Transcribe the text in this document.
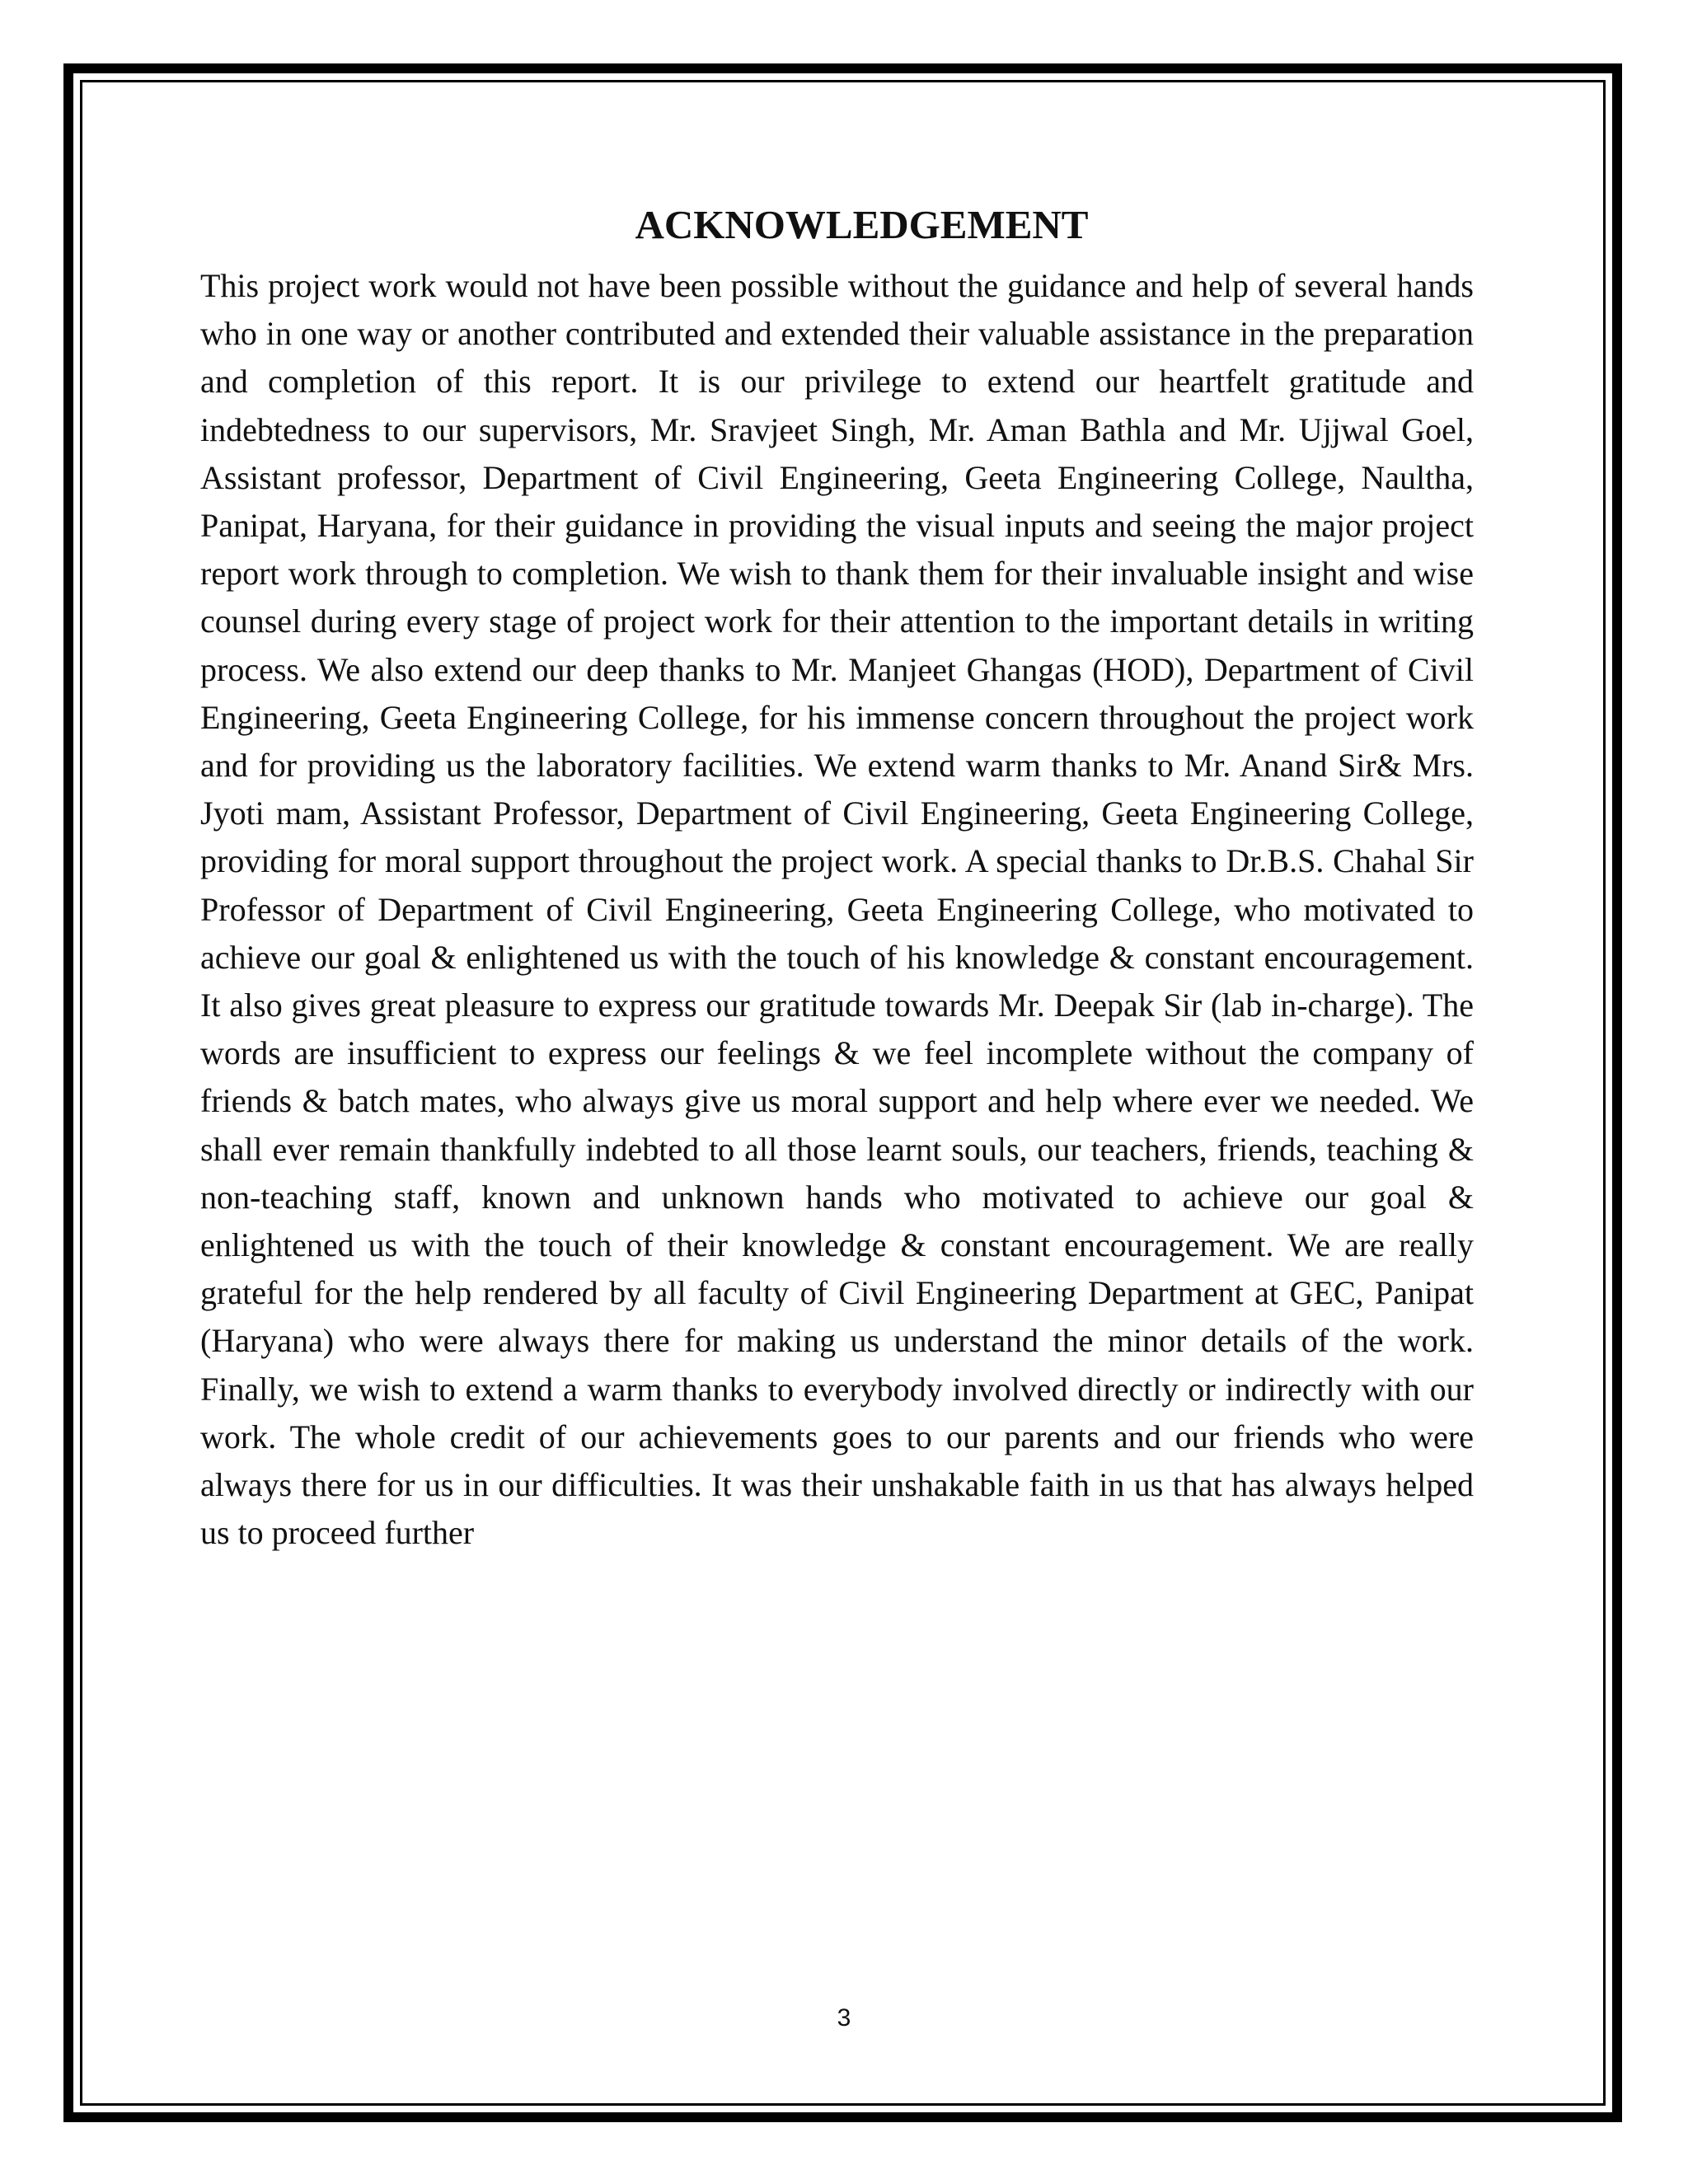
ACKNOWLEDGEMENT

This project work would not have been possible without the guidance and help of several hands who in one way or another contributed and extended their valuable assistance in the preparation and completion of this report. It is our privilege to extend our heartfelt gratitude and indebtedness to our supervisors, Mr. Sravjeet Singh, Mr. Aman Bathla and Mr. Ujjwal Goel, Assistant professor, Department of Civil Engineering, Geeta Engineering College, Naultha, Panipat, Haryana, for their guidance in providing the visual inputs and seeing the major project report work through to completion. We wish to thank them for their invaluable insight and wise counsel during every stage of project work for their attention to the important details in writing process. We also extend our deep thanks to Mr. Manjeet Ghangas (HOD), Department of Civil Engineering, Geeta Engineering College, for his immense concern throughout the project work and for providing us the laboratory facilities. We extend warm thanks to Mr. Anand Sir& Mrs. Jyoti mam, Assistant Professor, Department of Civil Engineering, Geeta Engineering College, providing for moral support throughout the project work. A special thanks to Dr.B.S. Chahal Sir Professor of Department of Civil Engineering, Geeta Engineering College, who motivated to achieve our goal & enlightened us with the touch of his knowledge & constant encouragement. It also gives great pleasure to express our gratitude towards Mr. Deepak Sir (lab in-charge). The words are insufficient to express our feelings & we feel incomplete without the company of friends & batch mates, who always give us moral support and help where ever we needed. We shall ever remain thankfully indebted to all those learnt souls, our teachers, friends, teaching & non-teaching staff, known and unknown hands who motivated to achieve our goal & enlightened us with the touch of their knowledge & constant encouragement. We are really grateful for the help rendered by all faculty of Civil Engineering Department at GEC, Panipat (Haryana) who were always there for making us understand the minor details of the work. Finally, we wish to extend a warm thanks to everybody involved directly or indirectly with our work. The whole credit of our achievements goes to our parents and our friends who were always there for us in our difficulties. It was their unshakable faith in us that has always helped us to proceed further

3
